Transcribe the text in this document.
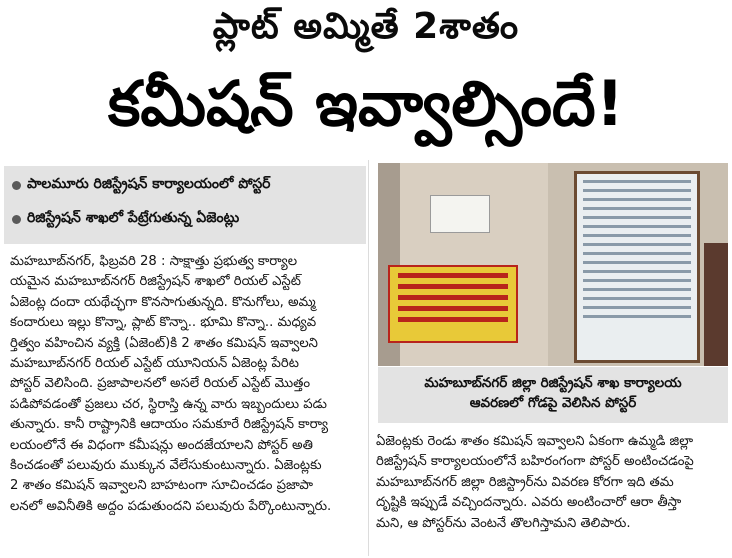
ప్లాట్ అమ్మితే 2శాతం
కమీషన్ ఇవ్వాల్సిందే!
పాలమూరు రిజిస్ట్రేషన్ కార్యాలయంలో పోస్టర్
రిజిస్ట్రేషన్ శాఖలో పేట్రేగుతున్న ఏజెంట్లు
మహబూబ్‌నగర్, ఫిబ్రవరి 28 : సాక్షాత్తు ప్రభుత్వ కార్యాల
యమైన మహబూబ్‌నగర్ రిజిస్ట్రేషన్ శాఖలో రియల్ ఎస్టేట్
ఏజెంట్ల దందా యథేచ్ఛగా కొనసాగుతున్నది. కొనుగోలు, అమ్మ
కందారులు ఇల్లు కొన్నా, ప్లాట్ కొన్నా.. భూమి కొన్నా.. మధ్యవ
ర్తిత్వం వహించిన వ్యక్తి (ఏజెంట్)కి 2 శాతం కమిషన్ ఇవ్వాలని
మహబూబ్‌నగర్ రియల్ ఎస్టేట్ యూనియన్ ఏజెంట్ల పేరిట
పోస్టర్ వెలిసింది. ప్రజాపాలనలో అసలే రియల్ ఎస్టేట్ మొత్తం
పడిపోవడంతో ప్రజలు చర, స్థిరాస్తి ఉన్న వారు ఇబ్బందులు పడు
తున్నారు. కానీ రాష్ట్రానికి ఆదాయం సమకూరే రిజిస్ట్రేషన్ కార్యా
లయంలోనే ఈ విధంగా కమీషన్లు అందజేయాలని పోస్టర్ అతి
కించడంతో పలువురు ముక్కున వేలేసుకుంటున్నారు. ఏజెంట్లకు
2 శాతం కమిషన్ ఇవ్వాలని బాహటంగా సూచించడం ప్రజాపా
లనలో అవినీతికి అద్దం పడుతుందని పలువురు పేర్కొంటున్నారు.
మహబూబ్‌నగర్ జిల్లా రిజిస్ట్రేషన్ శాఖ కార్యాలయ
ఆవరణలో గోడపై వెలిసిన పోస్టర్
ఏజెంట్లకు రెండు శాతం కమిషన్ ఇవ్వాలని ఏకంగా ఉమ్మడి జిల్లా
రిజిస్ట్రేషన్ కార్యాలయంలోనే బహిరంగంగా పోస్టర్ అంటించడంపై
మహబూబ్‌నగర్ జిల్లా రిజిస్ట్రార్‌ను వివరణ కోరగా ఇది తమ
దృష్టికి ఇప్పుడే వచ్చిందన్నారు. ఎవరు అంటించారో ఆరా తీస్తా
మని, ఆ పోస్టర్‌ను వెంటనే తొలగిస్తామని తెలిపారు.
